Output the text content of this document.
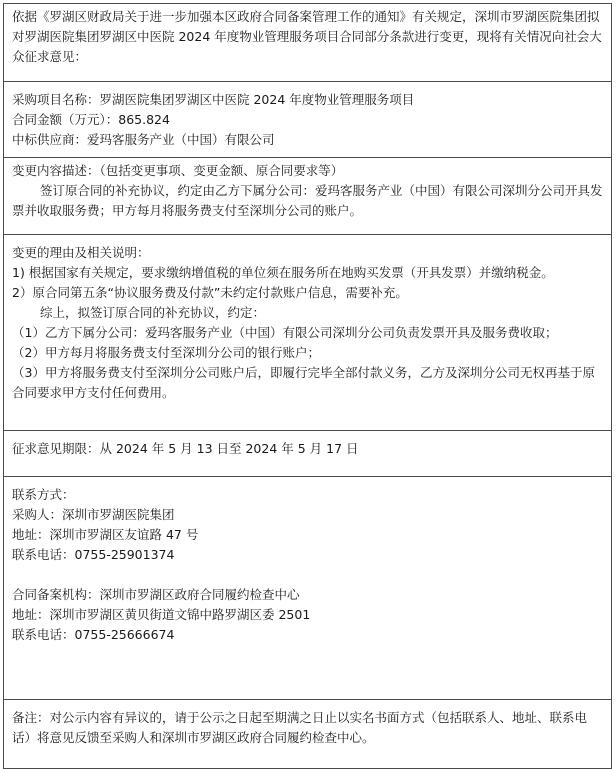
依据《罗湖区财政局关于进一步加强本区政府合同备案管理工作的通知》有关规定，深圳市罗湖医院集团拟对罗湖医院集团罗湖区中医院 2024 年度物业管理服务项目合同部分条款进行变更，现将有关情况向社会大众征求意见：

采购项目名称：罗湖医院集团罗湖区中医院 2024 年度物业管理服务项目
合同金额（万元）：865.824
中标供应商：爱玛客服务产业（中国）有限公司

变更内容描述：（包括变更事项、变更金额、原合同要求等）
签订原合同的补充协议，约定由乙方下属分公司：爱玛客服务产业（中国）有限公司深圳分公司开具发票并收取服务费；甲方每月将服务费支付至深圳分公司的账户。

变更的理由及相关说明：
1) 根据国家有关规定，要求缴纳增值税的单位须在服务所在地购买发票（开具发票）并缴纳税金。
2）原合同第五条“协议服务费及付款”未约定付款账户信息，需要补充。
综上，拟签订原合同的补充协议，约定：
（1）乙方下属分公司：爱玛客服务产业（中国）有限公司深圳分公司负责发票开具及服务费收取；
（2）甲方每月将服务费支付至深圳分公司的银行账户；
（3）甲方将服务费支付至深圳分公司账户后，即履行完毕全部付款义务，乙方及深圳分公司无权再基于原合同要求甲方支付任何费用。

征求意见期限：从 2024 年 5 月 13 日至 2024 年 5 月 17 日

联系方式：
采购人：深圳市罗湖医院集团
地址：深圳市罗湖区友谊路 47 号
联系电话：0755-25901374
合同备案机构：深圳市罗湖区政府合同履约检查中心
地址：深圳市罗湖区黄贝街道文锦中路罗湖区委 2501
联系电话：0755-25666674

备注：对公示内容有异议的，请于公示之日起至期满之日止以实名书面方式（包括联系人、地址、联系电话）将意见反馈至采购人和深圳市罗湖区政府合同履约检查中心。
